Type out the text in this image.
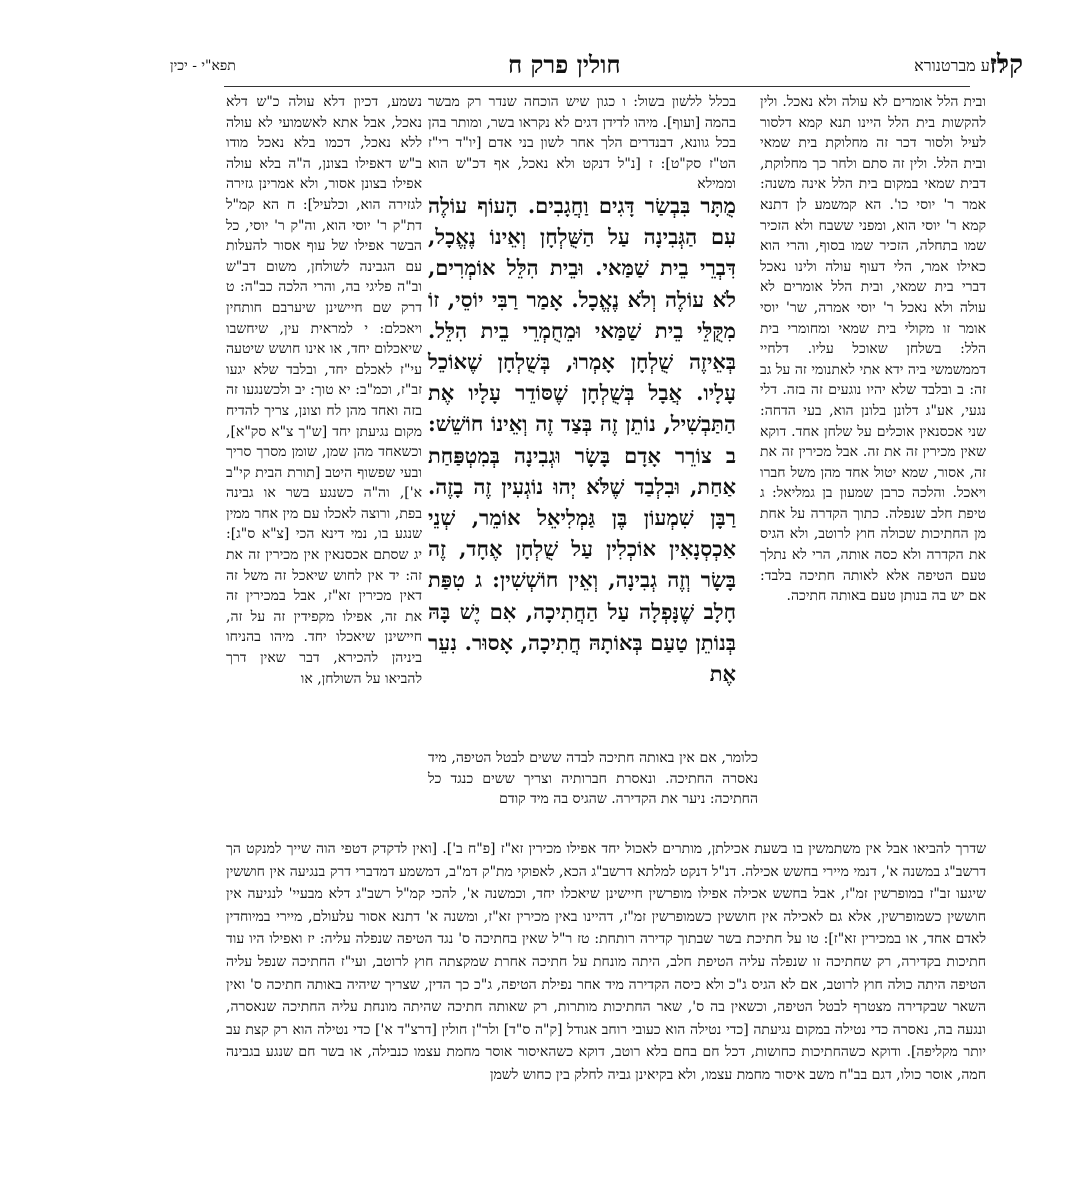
קלז
ר"ע מברטנורא
חולין פרק ח
תפא"י - יכין
ובית הלל אומרים לא עולה ולא נאכל. ולין להקשות בית הלל היינו תנא קמא דלסור לעיל ולסור דכר זה מחלוקת בית שמאי ובית הלל. ולין זה סתם ולחר כך מחלוקת, דבית שמאי במקום בית הלל אינה משנה: אמר ר' יוסי כו'. הא קמשמע לן דתנא קמא ר' יוסי הוא, ומפני ששבח ולא הזכיר שמו בתחלה, הזכיר שמו בסוף, והרי הוא כאילו אמר, הלי דעוף עולה ולינו נאכל דברי בית שמאי, ובית הלל אומרים לא עולה ולא נאכל ר' יוסי אמרה, שר' יוסי אומר זו מקולי בית שמאי ומחומרי בית הלל: בשלחן שאוכל עליו. דלחיי דממשמשי ביה ידא אתי לאתנומי זה על גב זה: ב ובלבד שלא יהיו נוגעים זה בזה. דלי נגעי, אע"ג דלונן בלונן הוא, בעי הדחה: שני אכסנאין אוכלים על שלחן אחד. דוקא שאין מכירין זה את זה. אבל מכירין זה את זה, אסור, שמא יטול אחד מהן משל חברו ויאכל. והלכה כרבן שמעון בן גמליאל: ג טיפת חלב שנפלה. כתוך הקדרה על אחת מן החתיכות שכולה חוץ לרוטב, ולא הגיס את הקדרה ולא כסה אותה, הרי לא נתלך טעם הטיפה אלא לאותה חתיכה בלבד: אם יש בה בנותן טעם באותה חתיכה.
בכלל ללשון בשול: ו כגון שיש הוכחה שנדר רק מבשר בהמה [ועוף]. מיהו לדידן דגים לא נקראו בשר, ומותר בהן בכל גוונא, דבנדרים הלך אחר לשון בני אדם [יו"ד רי"ז הט"ז סק"ט]: ז [נ"ל דנקט ולא נאכל, אף דכ"ש הוא וממילא
מֻתָּר בִּבְשַׂר דָּגִים וַחֲגָבִים. הָעוֹף עוֹלֶה עִם הַגְּבִינָה עַל הַשֻּׁלְחָן וְאֵינוֹ נֶאֱכָל, דִּבְרֵי בֵית שַׁמַּאי. וּבֵית הִלֵּל אוֹמְרִים, לֹא עוֹלֶה וְלֹא נֶאֱכָל. אָמַר רַבִּי יוֹסֵי, זוֹ מִקֻּלֵּי בֵית שַׁמַּאי וּמֵחֻמְרֵי בֵית הִלֵּל. בְּאֵיזֶה שֻׁלְחָן אָמְרוּ, בְּשֻׁלְחָן שֶׁאוֹכֵל עָלָיו. אֲבָל בְּשֻׁלְחָן שֶׁסּוֹדֵר עָלָיו אֶת הַתַּבְשִׁיל, נוֹתֵן זֶה בְּצַד זֶה וְאֵינוֹ חוֹשֵׁשׁ: ב צוֹרֵר אָדָם בָּשָׂר וּגְבִינָה בְּמִטְפַּחַת אַחַת, וּבִלְבַד שֶׁלֹּא יְהוּ נוֹגְעִין זֶה בָזֶה. רַבָּן שִׁמְעוֹן בֶּן גַּמְלִיאֵל אוֹמֵר, שְׁנֵי אַכְסְנָאִין אוֹכְלִין עַל שֻׁלְחָן אֶחָד, זֶה בָּשָׂר וְזֶה גְבִינָה, וְאֵין חוֹשְׁשִׁין: ג טִפַּת חָלָב שֶׁנָּפְלָה עַל הַחֲתִיכָה, אִם יֶשׁ בָּהּ בְּנוֹתֵן טַעַם בְּאוֹתָהּ חֲתִיכָה, אָסוּר. נִעֵר אֶת
כלומר, אם אין באותה חתיכה לבדה ששים לבטל הטיפה, מיד נאסרה החתיכה. ונאסרת חברותיה וצריך ששים כנגד כל החתיכה: ניער את הקדירה. שהגיס בה מיד קודם
נשמע, דכיון דלא עולה כ"ש דלא נאכל, אבל אתא לאשמועי לא עולה ללא נאכל, דכמו בלא נאכל מודו ב"ש דאפילו בצונן, ה"ה בלא עולה אפילו בצונן אסור, ולא אמרינן גזירה לגזירה הוא, וכלעיל]: ח הא קמ"ל דת"ק ר' יוסי הוא, וה"ק ר' יוסי, כל הבשר אפילו של עוף אסור להעלות עם הגבינה לשולחן, משום דב"ש וב"ה פליגי בה, והרי הלכה כב"ה: ט דרק שם חיישינן שיערבם חותחין ויאכלם: י למראית עין, שיחשבו שיאכלום יחד, או אינו חושש שיטעה עי"ז לאכלם יחד, ובלבד שלא יגעו זב"ז, וכמ"ב: יא טוך: יב ולכשנגעו זה בזה ואחד מהן לח וצונן, צריך להדיח מקום נגיעתן יחד [ש"ך צ"א סק"א], וכשאחד מהן שמן, שומן מסרך סריך ובעי שפשוף היטב [תורת הבית קי"ב א'], וה"ה כשנגע בשר או גבינה בפת, ורוצה לאכלו עם מין אחר ממין שנגע בו, נמי דינא הכי [צ"א ס"ג]: יג שסתם אכסנאין אין מכירין זה את זה: יד אין לחוש שיאכל זה משל זה דאין מכירין זא"ז, אבל במכירין זה את זה, אפילו מקפידין זה על זה, חיישינן שיאכלו יחד. מיהו בהניחו ביניהן להכירא, דבר שאין דרך להביאו על השולחן, או
שדרך להביאו אבל אין משתמשין בו בשעת אכילתן, מותרים לאכול יחד אפילו מכירין זא"ז [פ"ח ב']. [ואין לדקדק דטפי הוה שייך למנקט הך דרשב"ג במשנה א', דנמי מיירי בחשש אכילה. דנ"ל דנקט למלתא דרשב"ג הכא, לאפוקי מת"ק דמ"ב, דמשמע דמדברי דרק בנגיעה אין חוששין שיגעו זב"ז במופרשין זמ"ז, אבל בחשש אכילה אפילו מופרשין חיישינן שיאכלו יחד, וכמשנה א', להכי קמ"ל רשב"ג דלא מבעיי' לנגיעה אין חוששין כשמופרשין, אלא גם לאכילה אין חוששין כשמופרשין זמ"ז, דהיינו באין מכירין זא"ז, ומשנה א' דתנא אסור עלעולם, מיירי במיוחדין לאדם אחד, או במכירין זא"ז]: טו על חתיכת בשר שבתוך קדירה רותחת: טז ר"ל שאין בחתיכה ס' נגד הטיפה שנפלה עליה: יז ואפילו היו עוד חתיכות בקדירה, רק שחתיכה זו שנפלה עליה הטיפת חלב, היתה מונחת על חתיכה אחרת שמקצתה חוץ לרוטב, ועי"ז החתיכה שנפל עליה הטיפה היתה כולה חוץ לרוטב, אם לא הגיס ג"כ ולא כיסה הקדירה מיד אחר נפילת הטיפה, ג"כ כך הדין, שצריך שיהיה באותה חתיכה ס' ואין השאר שבקדירה מצטרף לבטל הטיפה, וכשאין בה ס', שאר החתיכות מותרות, רק שאותה חתיכה שהיתה מונחת עליה החתיכה שנאסרה, ונגעה בה, נאסרה כדי נטילה במקום נגיעתה [כדי נטילה הוא כעובי רוחב אגודל [ק"ה ס"ד] ולר"ן חולין [דרצ"ד א'] כדי נטילה הוא רק קצת עב יותר מקליפה]. ודוקא כשהחתיכות כחושות, דכל חם בחם בלא רוטב, דוקא כשהאיסור אוסר מחמת עצמו כנבילה, או בשר חם שנגע בגבינה חמה, אוסר כולו, דגם בב"ח משב איסור מחמת עצמו, ולא בקיאינן גביה לחלק בין כחוש לשמן
